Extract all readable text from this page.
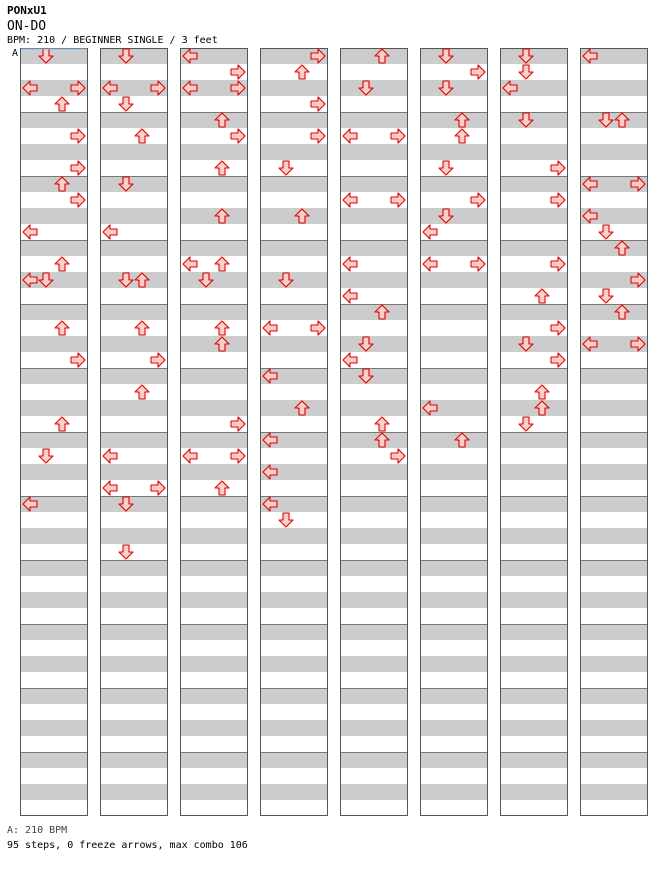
PONxU1
ON-DO
BPM: 210 / BEGINNER SINGLE / 3 feet
A
A: 210 BPM
95 steps, 0 freeze arrows, max combo 106
